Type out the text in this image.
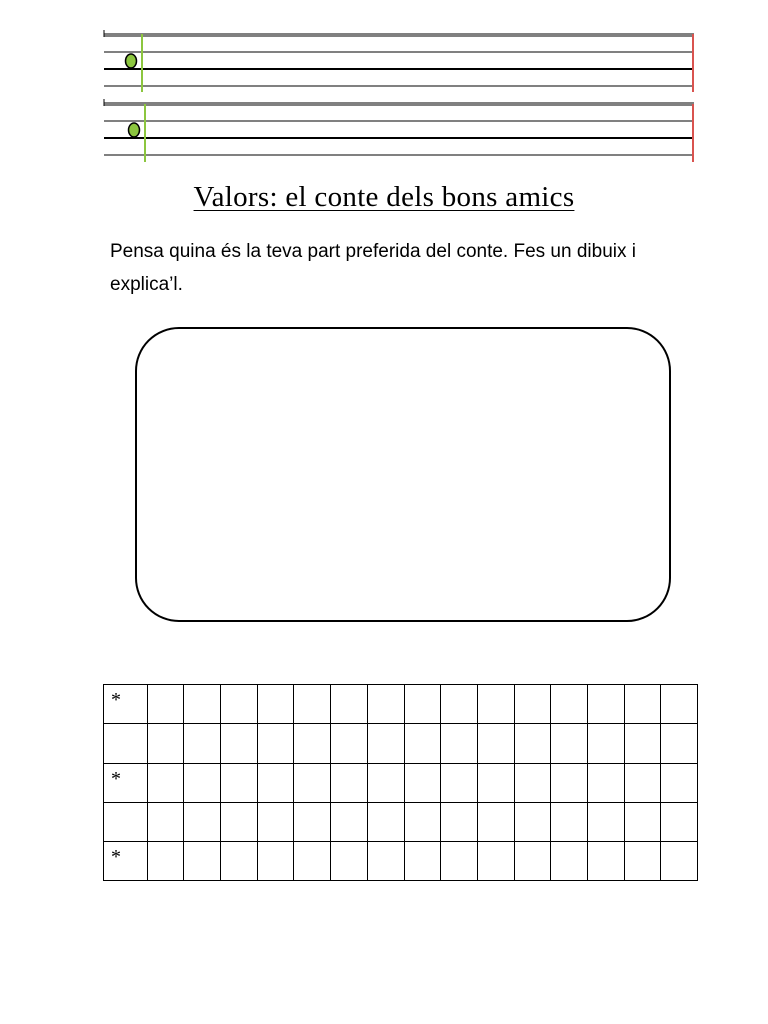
Valors: el conte dels bons amics
Pensa quina és la teva part preferida del conte. Fes un dibuix i explica’l.
*															

*															

*															
